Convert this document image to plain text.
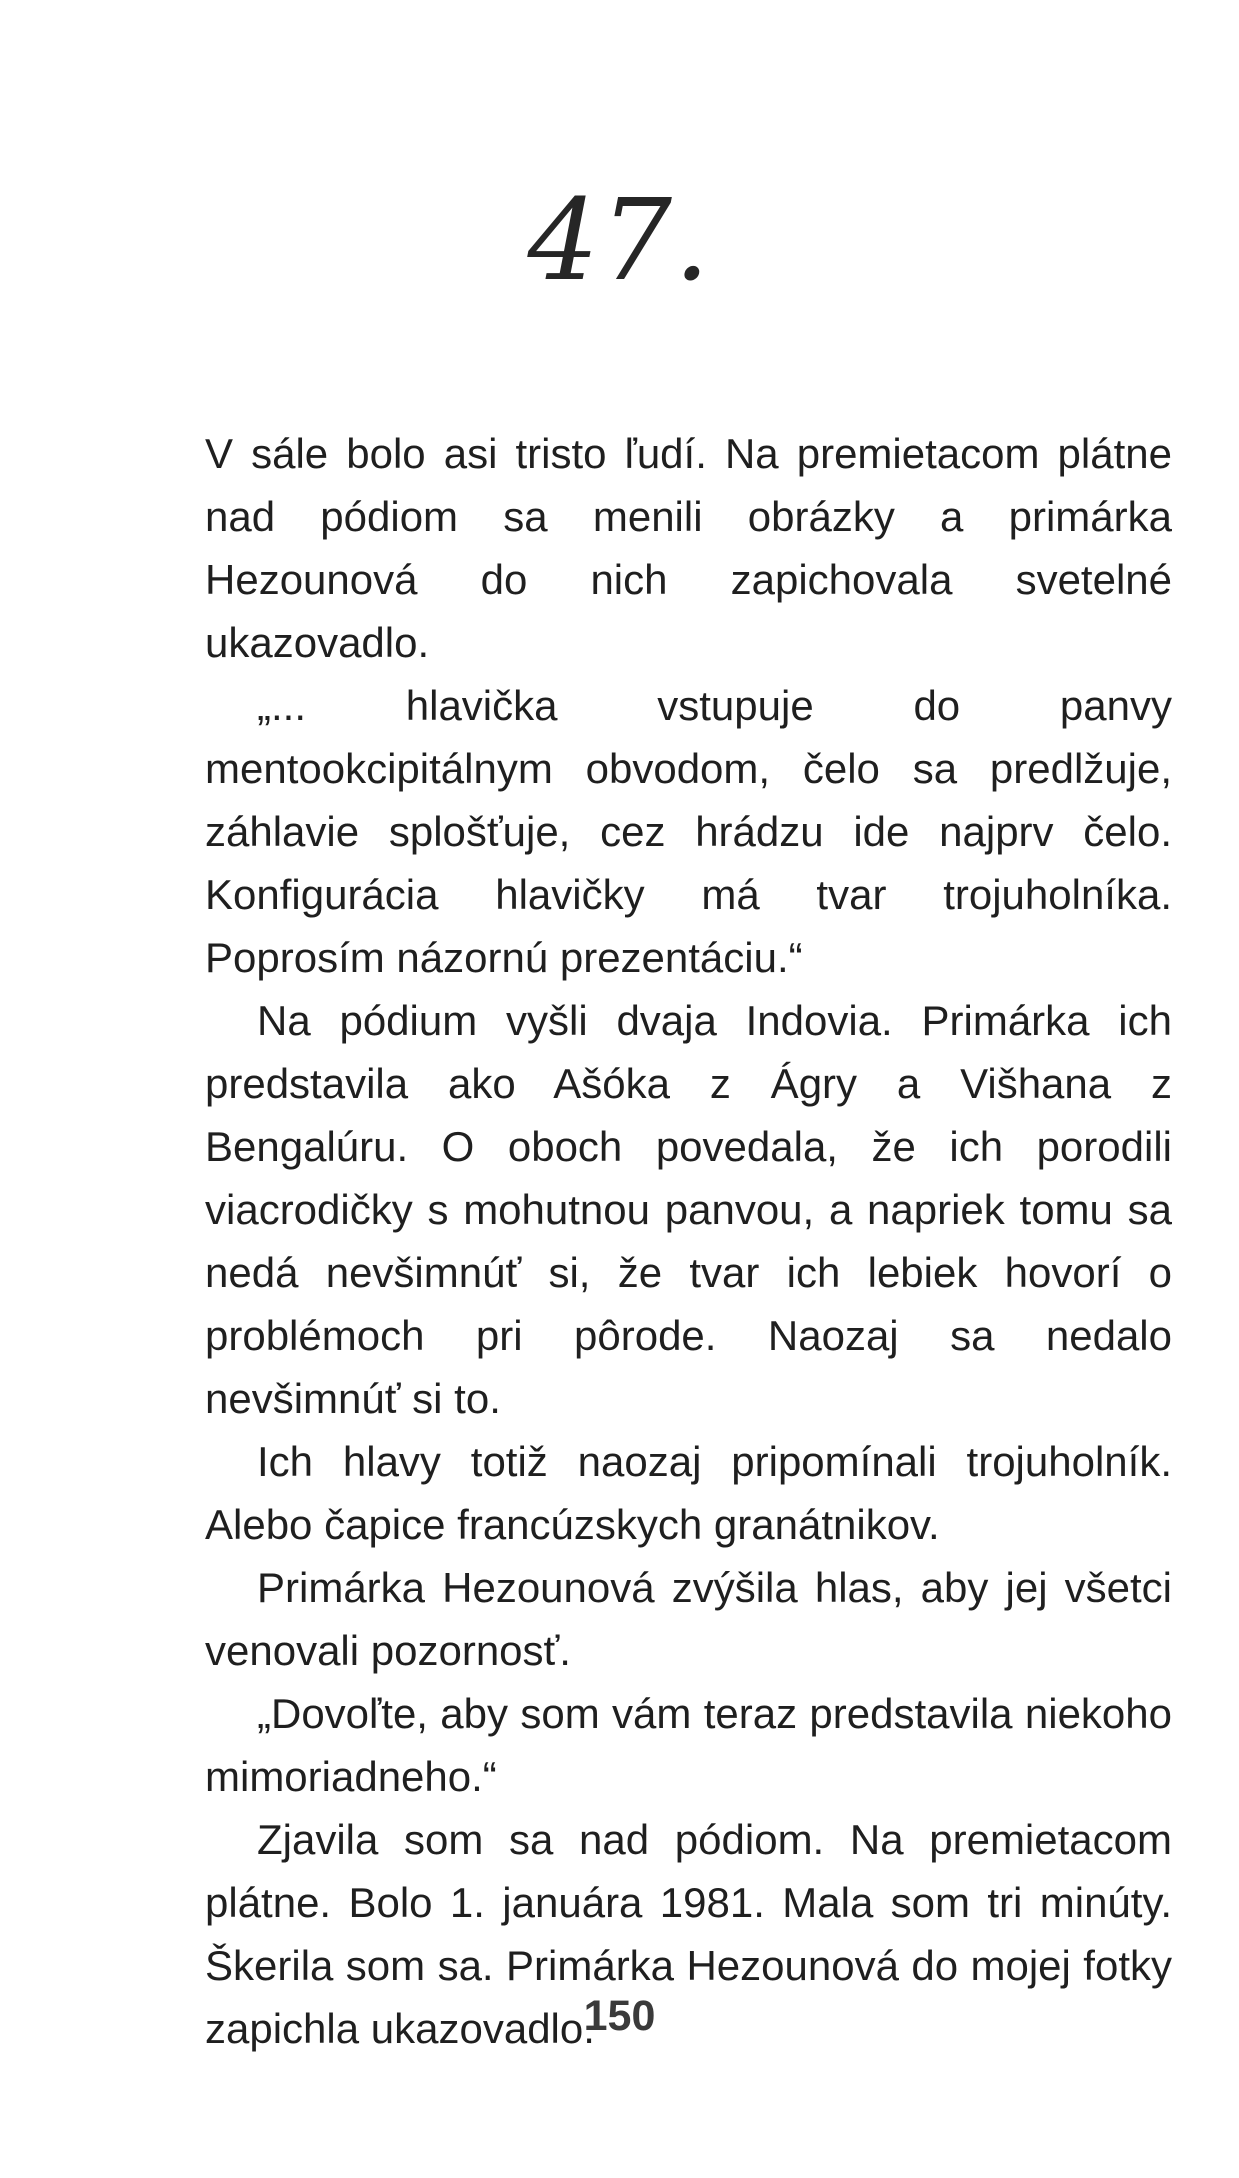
47.

V sále bolo asi tristo ľudí. Na premietacom plátne nad pódiom sa menili obrázky a primárka Hezounová do nich zapichovala svetelné ukazovadlo.

„... hlavička vstupuje do panvy mentookcipitálnym obvodom, čelo sa predlžuje, záhlavie splošťuje, cez hrádzu ide najprv čelo. Konfigurácia hlavičky má tvar trojuholníka. Poprosím názornú prezentáciu.“

Na pódium vyšli dvaja Indovia. Primárka ich predstavila ako Ašóka z Ágry a Višhana z Bengalúru. O oboch povedala, že ich porodili viacrodičky s mohutnou panvou, a napriek tomu sa nedá nevšimnúť si, že tvar ich lebiek hovorí o problémoch pri pôrode. Naozaj sa nedalo nevšimnúť si to.

Ich hlavy totiž naozaj pripomínali trojuholník. Alebo čapice francúzskych granátnikov.

Primárka Hezounová zvýšila hlas, aby jej všetci venovali pozornosť.

„Dovoľte, aby som vám teraz predstavila niekoho mimoriadneho.“

Zjavila som sa nad pódiom. Na premietacom plátne. Bolo 1. januára 1981. Mala som tri minúty. Škerila som sa. Primárka Hezounová do mojej fotky zapichla ukazovadlo.

150
